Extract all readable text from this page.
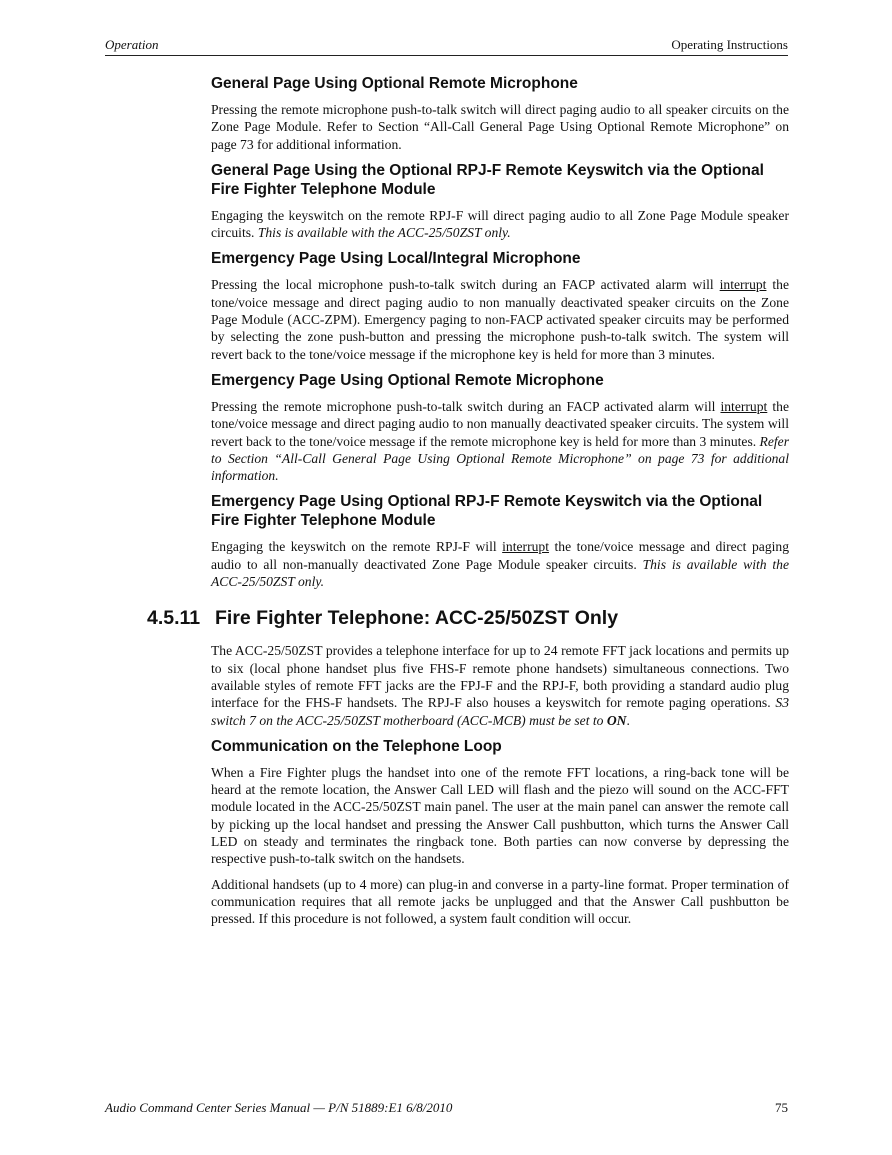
Operation	Operating Instructions
General Page Using Optional Remote Microphone

Pressing the remote microphone push-to-talk switch will direct paging audio to all speaker circuits on the Zone Page Module. Refer to Section “All-Call General Page Using Optional Remote Microphone” on page 73 for additional information.

General Page Using the Optional RPJ-F Remote Keyswitch via the Optional Fire Fighter Telephone Module

Engaging the keyswitch on the remote RPJ-F will direct paging audio to all Zone Page Module speaker circuits. This is available with the ACC-25/50ZST only.

Emergency Page Using Local/Integral Microphone

Pressing the local microphone push-to-talk switch during an FACP activated alarm will interrupt the tone/voice message and direct paging audio to non manually deactivated speaker circuits on the Zone Page Module (ACC-ZPM). Emergency paging to non-FACP activated speaker circuits may be performed by selecting the zone push-button and pressing the microphone push-to-talk switch. The system will revert back to the tone/voice message if the microphone key is held for more than 3 minutes.

Emergency Page Using Optional Remote Microphone

Pressing the remote microphone push-to-talk switch during an FACP activated alarm will interrupt the tone/voice message and direct paging audio to non manually deactivated speaker circuits. The system will revert back to the tone/voice message if the remote microphone key is held for more than 3 minutes. Refer to Section “All-Call General Page Using Optional Remote Microphone” on page 73 for additional information.

Emergency Page Using Optional RPJ-F Remote Keyswitch via the Optional Fire Fighter Telephone Module

Engaging the keyswitch on the remote RPJ-F will interrupt the tone/voice message and direct paging audio to all non-manually deactivated Zone Page Module speaker circuits. This is available with the ACC-25/50ZST only.

4.5.11 Fire Fighter Telephone: ACC-25/50ZST Only

The ACC-25/50ZST provides a telephone interface for up to 24 remote FFT jack locations and permits up to six (local phone handset plus five FHS-F remote phone handsets) simultaneous connections. Two available styles of remote FFT jacks are the FPJ-F and the RPJ-F, both providing a standard audio plug interface for the FHS-F handsets. The RPJ-F also houses a keyswitch for remote paging operations. S3 switch 7 on the ACC-25/50ZST motherboard (ACC-MCB) must be set to ON.

Communication on the Telephone Loop

When a Fire Fighter plugs the handset into one of the remote FFT locations, a ring-back tone will be heard at the remote location, the Answer Call LED will flash and the piezo will sound on the ACC-FFT module located in the ACC-25/50ZST main panel. The user at the main panel can answer the remote call by picking up the local handset and pressing the Answer Call pushbutton, which turns the Answer Call LED on steady and terminates the ringback tone. Both parties can now converse by depressing the respective push-to-talk switch on the handsets.

Additional handsets (up to 4 more) can plug-in and converse in a party-line format. Proper termination of communication requires that all remote jacks be unplugged and that the Answer Call pushbutton be pressed. If this procedure is not followed, a system fault condition will occur.

Audio Command Center Series Manual — P/N 51889:E1 6/8/2010	75
